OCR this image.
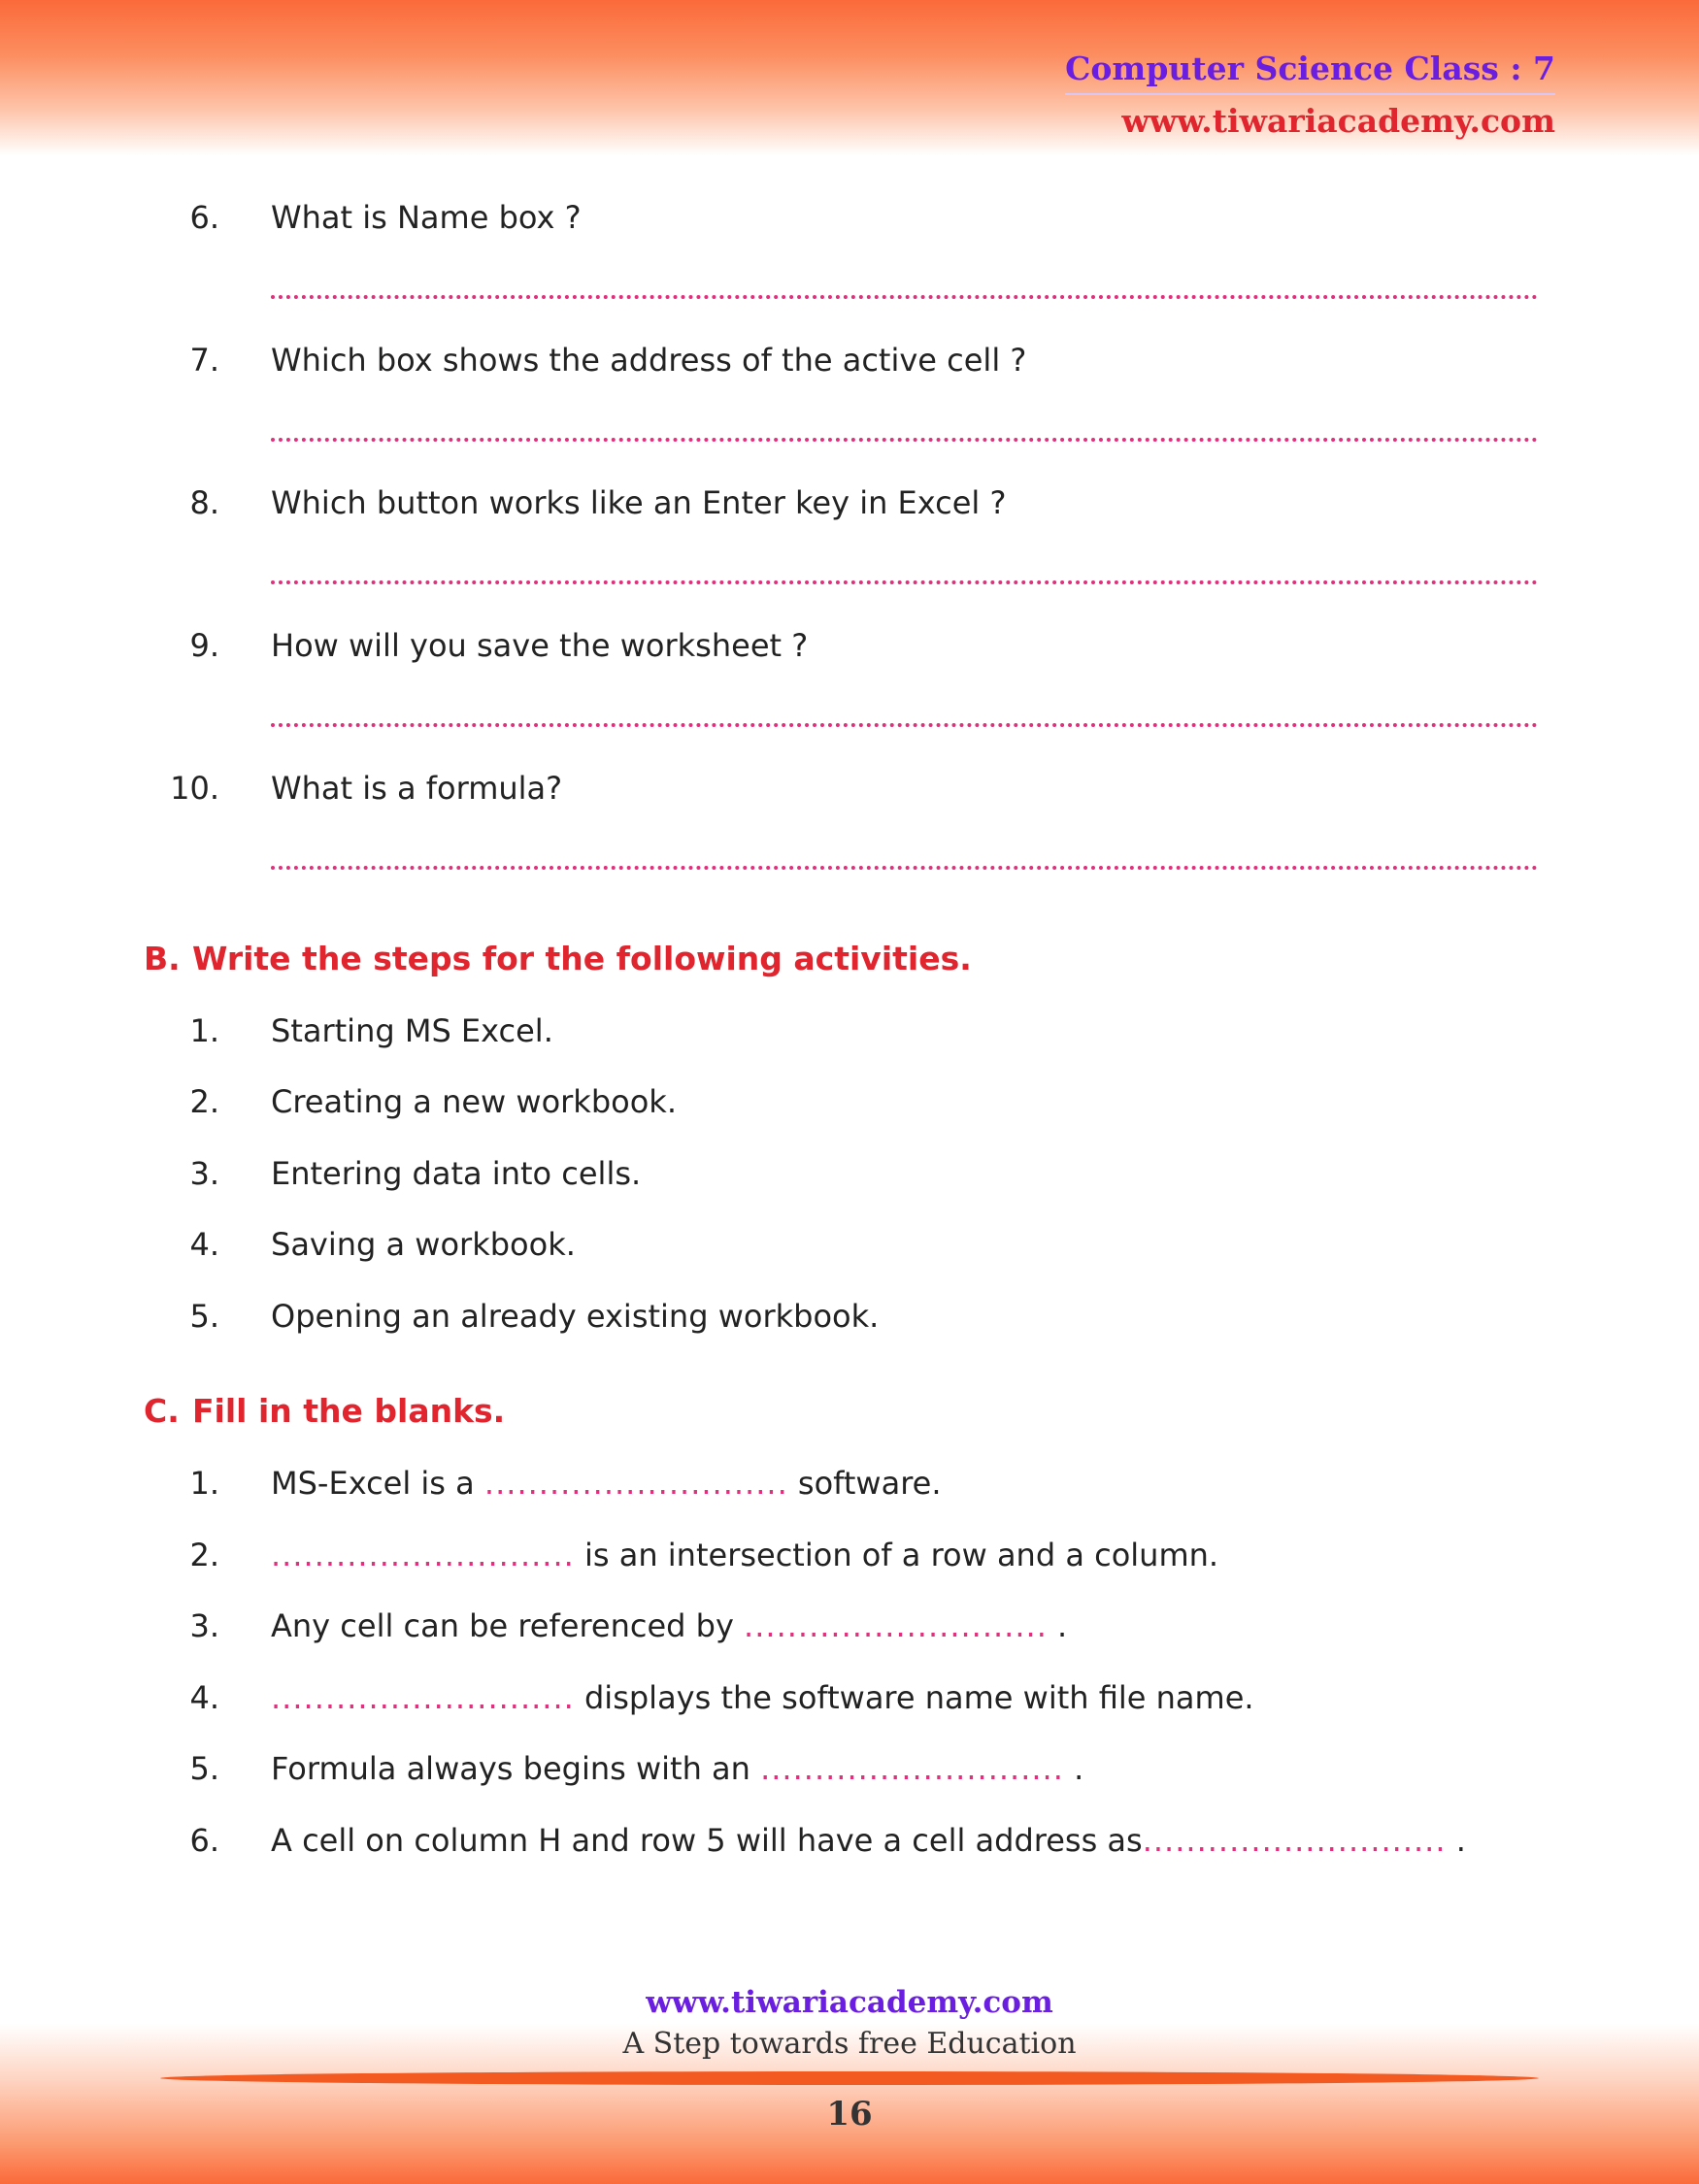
Computer Science Class : 7
www.tiwariacademy.com
6. What is Name box ?
7. Which box shows the address of the active cell ?
8. Which button works like an Enter key in Excel ?
9. How will you save the worksheet ?
10. What is a formula?
B. Write the steps for the following activities.
1. Starting MS Excel.
2. Creating a new workbook.
3. Entering data into cells.
4. Saving a workbook.
5. Opening an already existing workbook.
C. Fill in the blanks.
1. MS-Excel is a ............................ software.
2. ............................ is an intersection of a row and a column.
3. Any cell can be referenced by ............................ .
4. ............................ displays the software name with file name.
5. Formula always begins with an ............................ .
6. A cell on column H and row 5 will have a cell address as............................ .
www.tiwariacademy.com
A Step towards free Education
16
